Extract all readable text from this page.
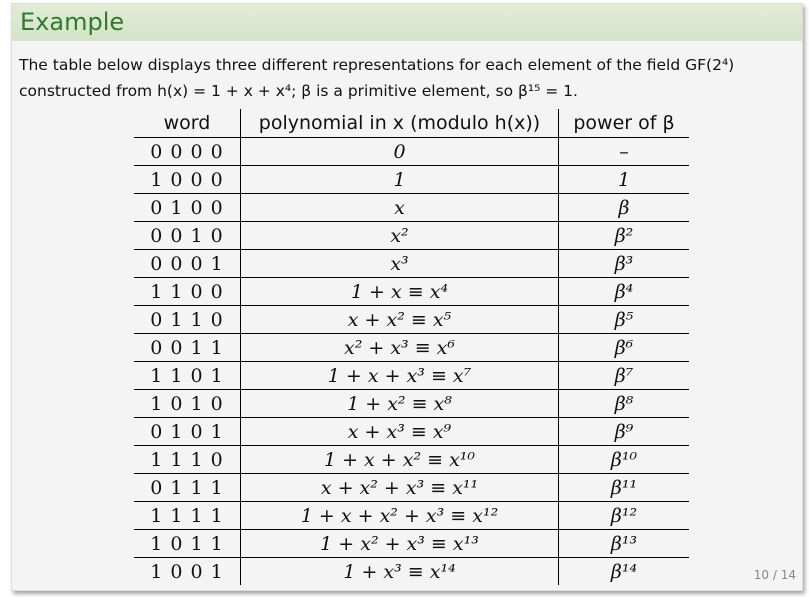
Example
The table below displays three different representations for each element of the field GF(2⁴)
constructed from h(x) = 1 + x + x⁴; β is a primitive element, so β¹⁵ = 1.
word	polynomial in x (modulo h(x))	power of β
0 0 0 0	0	–
1 0 0 0	1	1
0 1 0 0	x	β
0 0 1 0	x²	β²
0 0 0 1	x³	β³
1 1 0 0	1 + x ≡ x⁴	β⁴
0 1 1 0	x + x² ≡ x⁵	β⁵
0 0 1 1	x² + x³ ≡ x⁶	β⁶
1 1 0 1	1 + x + x³ ≡ x⁷	β⁷
1 0 1 0	1 + x² ≡ x⁸	β⁸
0 1 0 1	x + x³ ≡ x⁹	β⁹
1 1 1 0	1 + x + x² ≡ x¹⁰	β¹⁰
0 1 1 1	x + x² + x³ ≡ x¹¹	β¹¹
1 1 1 1	1 + x + x² + x³ ≡ x¹²	β¹²
1 0 1 1	1 + x² + x³ ≡ x¹³	β¹³
1 0 0 1	1 + x³ ≡ x¹⁴	β¹⁴	10 / 14
